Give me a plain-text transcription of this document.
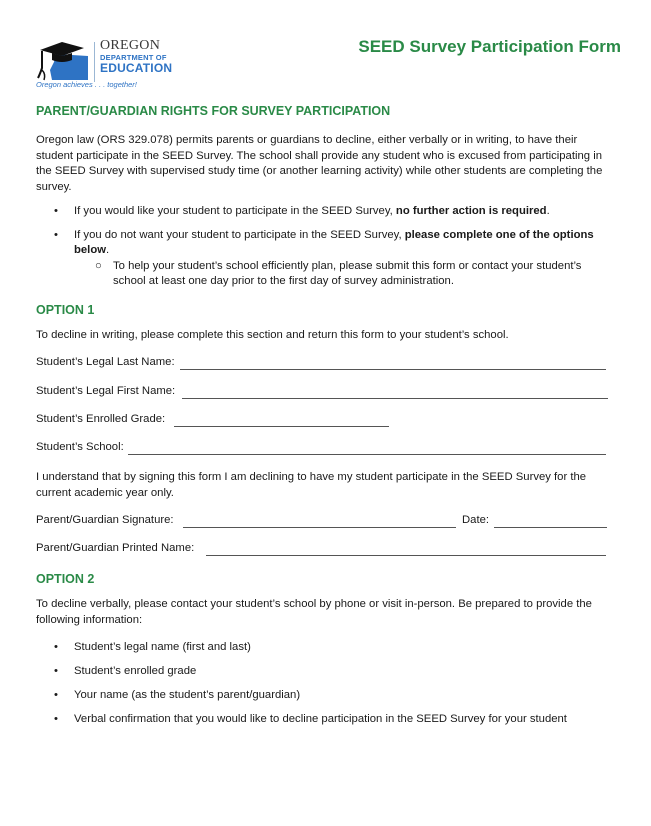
OREGON
DEPARTMENT OF
EDUCATION
Oregon achieves . . . together!
SEED Survey Participation Form
PARENT/GUARDIAN RIGHTS FOR SURVEY PARTICIPATION
Oregon law (ORS 329.078) permits parents or guardians to decline, either verbally or in writing, to have their student participate in the SEED Survey. The school shall provide any student who is excused from participating in the SEED Survey with supervised study time (or another learning activity) while other students are completing the survey.
• If you would like your student to participate in the SEED Survey, no further action is required.
• If you do not want your student to participate in the SEED Survey, please complete one of the options below.
○ To help your student’s school efficiently plan, please submit this form or contact your student’s school at least one day prior to the first day of survey administration.
OPTION 1
To decline in writing, please complete this section and return this form to your student’s school.
Student’s Legal Last Name:
Student’s Legal First Name:
Student’s Enrolled Grade:
Student’s School:
I understand that by signing this form I am declining to have my student participate in the SEED Survey for the current academic year only.
Parent/Guardian Signature:	Date:
Parent/Guardian Printed Name:
OPTION 2
To decline verbally, please contact your student’s school by phone or visit in-person. Be prepared to provide the following information:
• Student’s legal name (first and last)
• Student’s enrolled grade
• Your name (as the student’s parent/guardian)
• Verbal confirmation that you would like to decline participation in the SEED Survey for your student
